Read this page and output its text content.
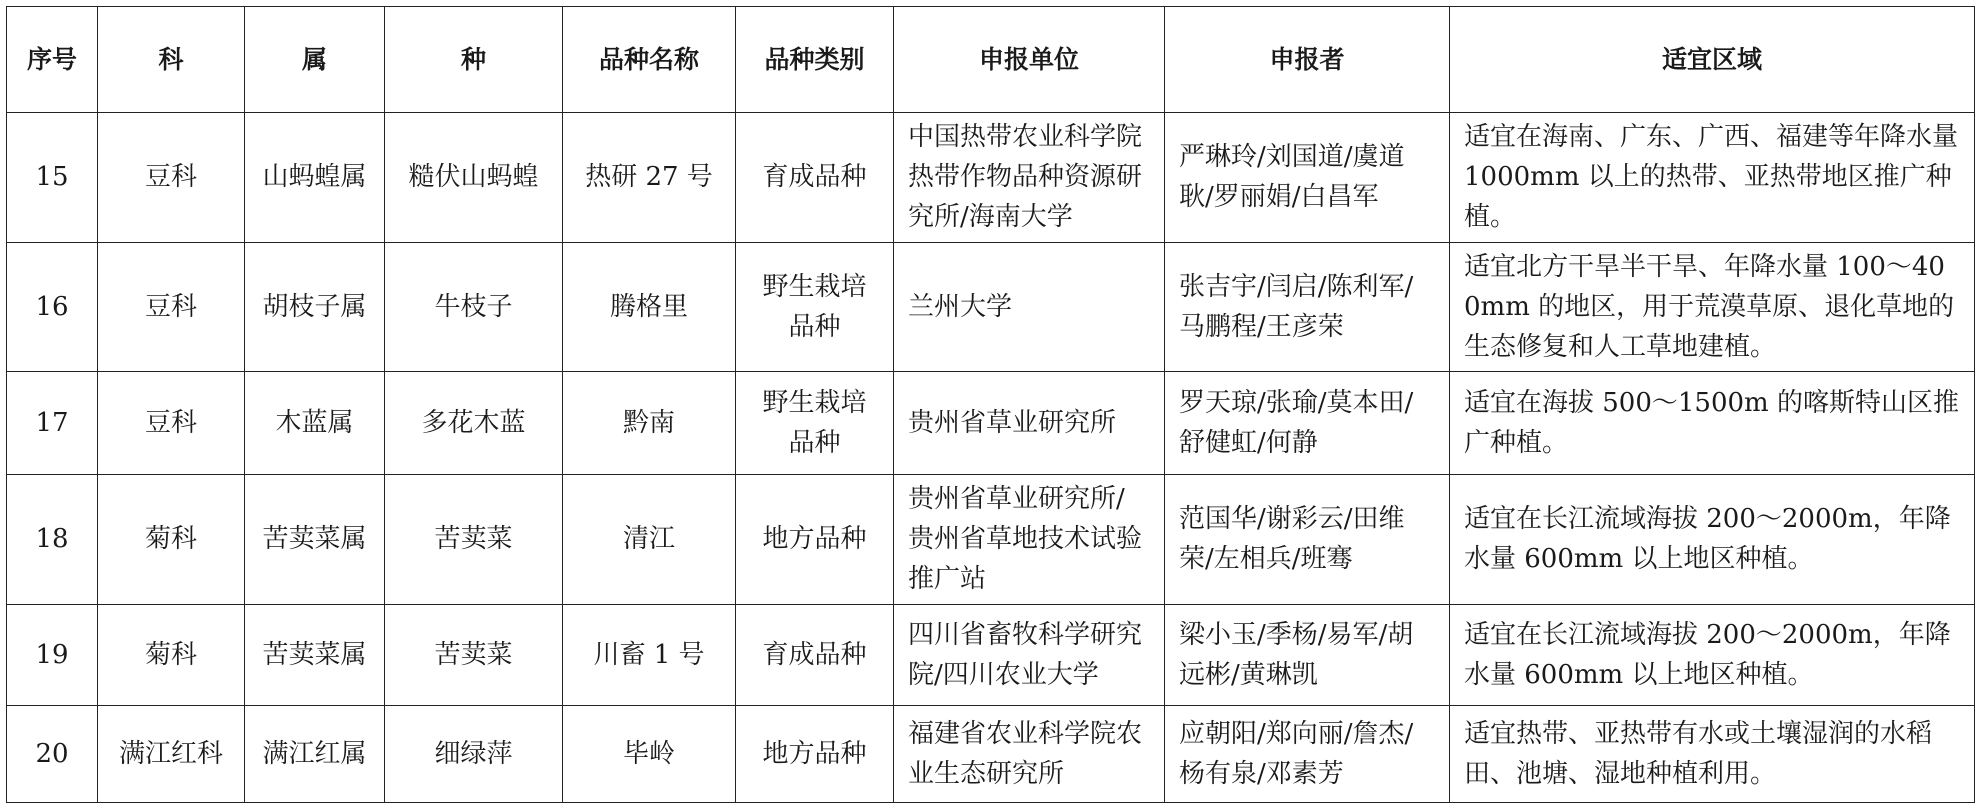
序号	科	属	种	品种名称	品种类别	申报单位	申报者	适宜区域
15	豆科	山蚂蝗属	糙伏山蚂蝗	热研 27 号	育成品种	中国热带农业科学院热带作物品种资源研究所/海南大学	严琳玲/刘国道/虞道耿/罗丽娟/白昌军	适宜在海南、广东、广西、福建等年降水量 1000mm 以上的热带、亚热带地区推广种植。
16	豆科	胡枝子属	牛枝子	腾格里	野生栽培品种	兰州大学	张吉宇/闫启/陈利军/马鹏程/王彦荣	适宜北方干旱半干旱、年降水量 100～400mm 的地区，用于荒漠草原、退化草地的生态修复和人工草地建植。
17	豆科	木蓝属	多花木蓝	黔南	野生栽培品种	贵州省草业研究所	罗天琼/张瑜/莫本田/舒健虹/何静	适宜在海拔 500～1500m 的喀斯特山区推广种植。
18	菊科	苦荬菜属	苦荬菜	清江	地方品种	贵州省草业研究所/贵州省草地技术试验推广站	范国华/谢彩云/田维荣/左相兵/班骞	适宜在长江流域海拔 200～2000m，年降水量 600mm 以上地区种植。
19	菊科	苦荬菜属	苦荬菜	川畜 1 号	育成品种	四川省畜牧科学研究院/四川农业大学	梁小玉/季杨/易军/胡远彬/黄琳凯	适宜在长江流域海拔 200～2000m，年降水量 600mm 以上地区种植。
20	满江红科	满江红属	细绿萍	毕岭	地方品种	福建省农业科学院农业生态研究所	应朝阳/郑向丽/詹杰/杨有泉/邓素芳	适宜热带、亚热带有水或土壤湿润的水稻田、池塘、湿地种植利用。
